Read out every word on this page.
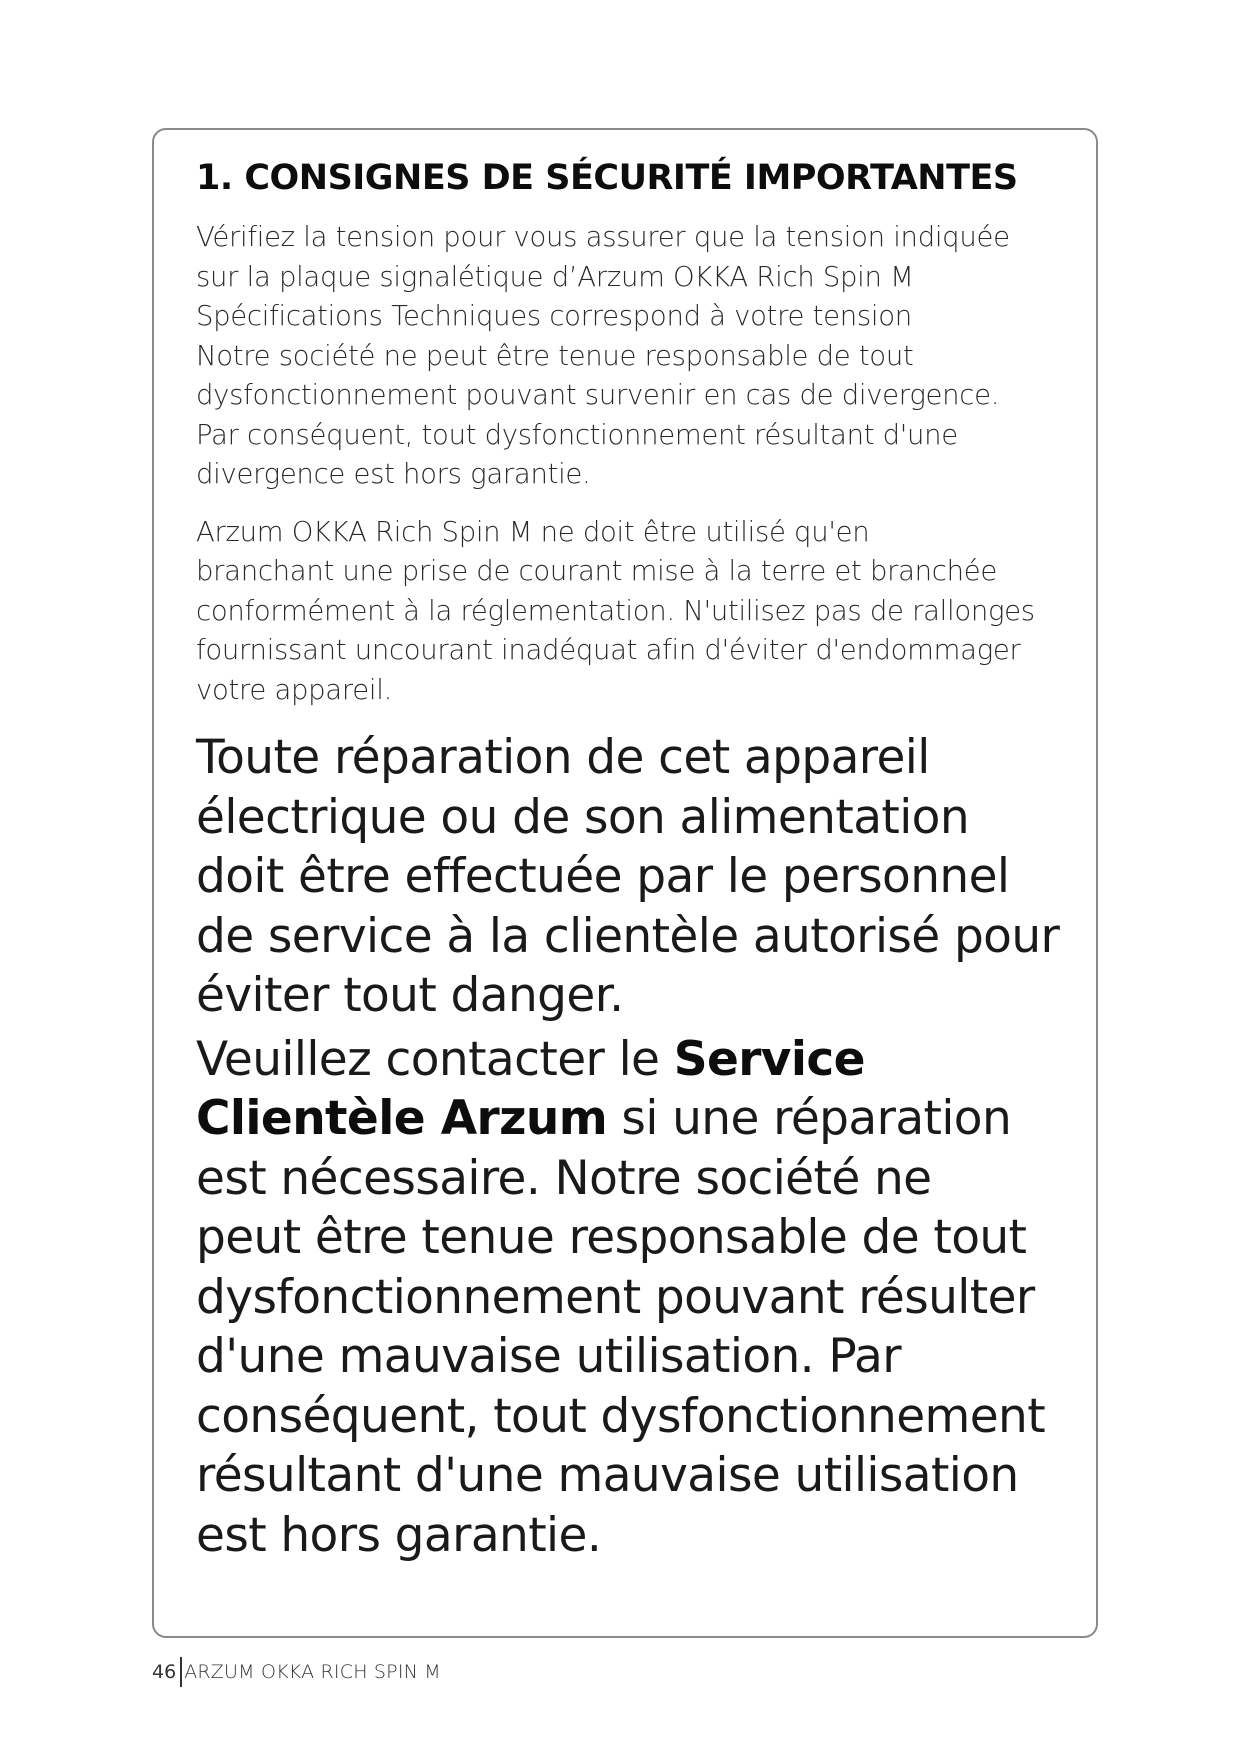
1. CONSIGNES DE SÉCURITÉ IMPORTANTES

Vérifiez la tension pour vous assurer que la tension indiquée
sur la plaque signalétique d’Arzum OKKA Rich Spin M
Spécifications Techniques correspond à votre tension
Notre société ne peut être tenue responsable de tout
dysfonctionnement pouvant survenir en cas de divergence.
Par conséquent, tout dysfonctionnement résultant d'une
divergence est hors garantie.

Arzum OKKA Rich Spin M ne doit être utilisé qu'en
branchant une prise de courant mise à la terre et branchée
conformément à la réglementation. N'utilisez pas de rallonges
fournissant uncourant inadéquat afin d'éviter d'endommager
votre appareil.

Toute réparation de cet appareil
électrique ou de son alimentation
doit être effectuée par le personnel
de service à la clientèle autorisé pour
éviter tout danger.

Veuillez contacter le Service
Clientèle Arzum si une réparation
est nécessaire. Notre société ne
peut être tenue responsable de tout
dysfonctionnement pouvant résulter
d'une mauvaise utilisation. Par
conséquent, tout dysfonctionnement
résultant d'une mauvaise utilisation
est hors garantie.

46 ARZUM OKKA RICH SPIN M
